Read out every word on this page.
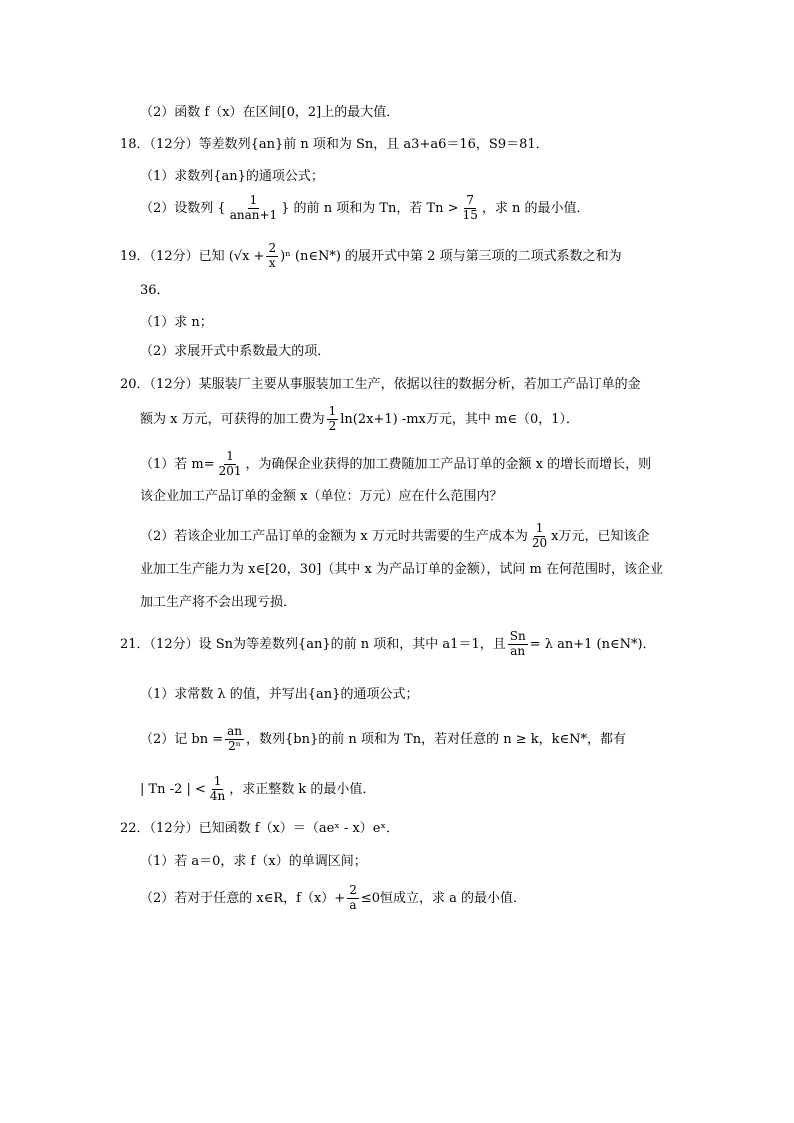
（2）函数 f（x）在区间[0，2]上的最大值．
18．（12分）等差数列{an}前 n 项和为 Sn，且 a3+a6＝16，S9＝81．
（1）求数列{an}的通项公式；
（2）设数列 { $\frac{1}{\text{anan+1}}$ } 的前 n 项和为 Tn，若 $Tn > \frac{7}{15}$ ，求 n 的最小值．
19．（12分）已知 $(√x + \frac{2}{x} )^n$ (n∈N*) 的展开式中第 2 项与第三项的二项式系数之和为
36．
（1）求 n；
（2）求展开式中系数最大的项．
20．（12分）某服装厂主要从事服装加工生产，依据以往的数据分析，若加工产品订单的金
额为 x 万元，可获得的加工费为 $\frac{1}{2} \ln(2x+1)$ -mx万元，其中 m∈（0，1）．
（1）若 $m= \frac{1}{201}$ ，为确保企业获得的加工费随加工产品订单的金额 x 的增长而增长，则
该企业加工产品订单的金额 x（单位：万元）应在什么范围内？
（2）若该企业加工产品订单的金额为 x 万元时共需要的生产成本为 $\frac{1}{20}$ x万元，已知该企
业加工生产能力为 x∈[20，30]（其中 x 为产品订单的金额），试问 m 在何范围时，该企业
加工生产将不会出现亏损．
21．（12分）设 Sn为等差数列{an}的前 n 项和，其中 a1＝1，且 $\frac{Sn}{an} = \lambda$ an+1 (n∈N*)．
（1）求常数 λ 的值，并写出{an}的通项公式；
（2）记 bn = $\frac{an}{\text{2ⁿ}}$ ，数列{bn}的前 n 项和为 Tn，若对任意的 n ≥ k，k∈N*，都有
| Tn -2 | < $\frac{1}{4n}$ ，求正整数 k 的最小值．
22．（12分）已知函数 f（x）＝（aeˣ - x）eˣ．
（1）若 a＝0，求 f（x）的单调区间；
（2）若对于任意的 x∈R，$f(x)+ \frac{2}{a} \le 0$恒成立，求 a 的最小值．
